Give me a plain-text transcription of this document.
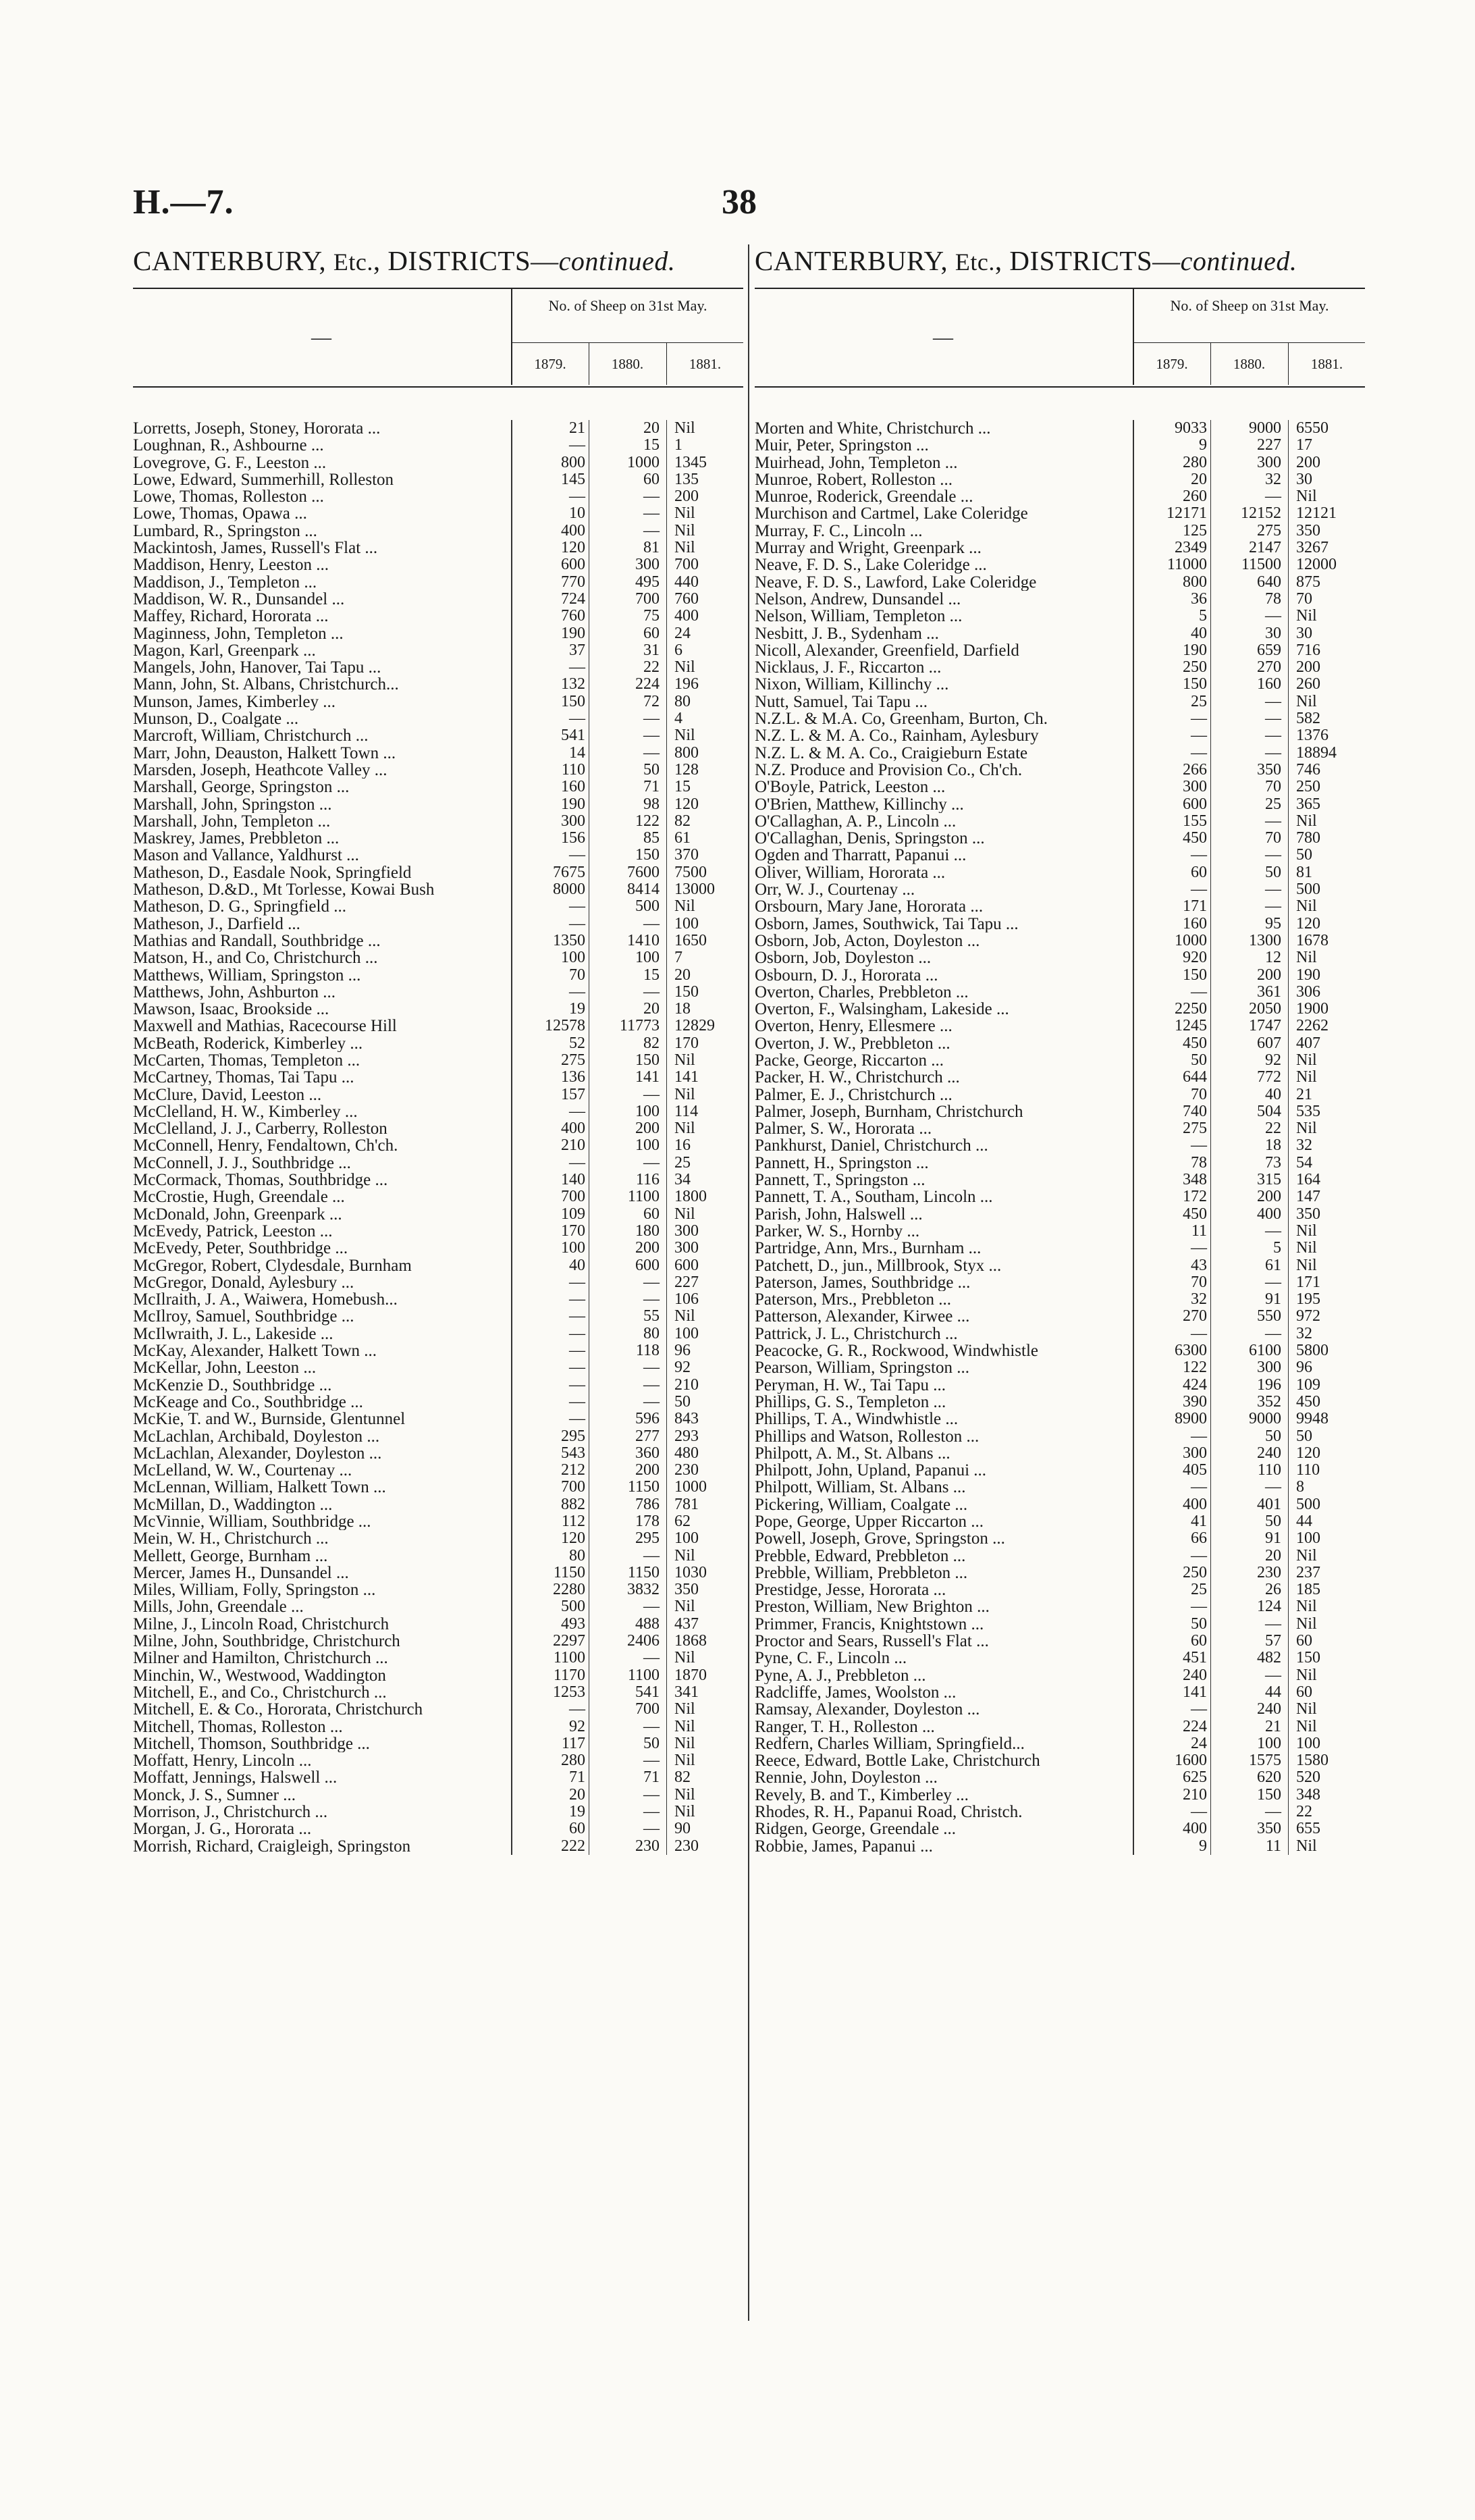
H.—7.	38
CANTERBURY, Etc., DISTRICTS—continued.
—
No. of Sheep on 31st May.
1879.	1880.	1881.
Lorretts, Joseph, Stoney, Hororata ...	21	20 Nil
Loughnan, R., Ashbourne ...	—	15 1
Lovegrove, G. F., Leeston ...	800	1000 1345
Lowe, Edward, Summerhill, Rolleston	145	60 135
Lowe, Thomas, Rolleston ...	—	— 200
Lowe, Thomas, Opawa ...	10	— Nil
Lumbard, R., Springston ...	400	— Nil
Mackintosh, James, Russell's Flat ...	120	81 Nil
Maddison, Henry, Leeston ...	600	300 700
Maddison, J., Templeton ...	770	495 440
Maddison, W. R., Dunsandel ...	724	700 760
Maffey, Richard, Hororata ...	760	75 400
Maginness, John, Templeton ...	190	60 24
Magon, Karl, Greenpark ...	37	31 6
Mangels, John, Hanover, Tai Tapu ...	—	22 Nil
Mann, John, St. Albans, Christchurch...	132	224 196
Munson, James, Kimberley ...	150	72 80
Munson, D., Coalgate ...	—	— 4
Marcroft, William, Christchurch ...	541	— Nil
Marr, John, Deauston, Halkett Town ...	14	— 800
Marsden, Joseph, Heathcote Valley ...	110	50 128
Marshall, George, Springston ...	160	71 15
Marshall, John, Springston ...	190	98 120
Marshall, John, Templeton ...	300	122 82
Maskrey, James, Prebbleton ...	156	85 61
Mason and Vallance, Yaldhurst ...	—	150 370
Matheson, D., Easdale Nook, Springfield	7675	7600 7500
Matheson, D.&D., Mt Torlesse, Kowai Bush	8000	8414 13000
Matheson, D. G., Springfield ...	—	500 Nil
Matheson, J., Darfield ...	—	— 100
Mathias and Randall, Southbridge ...	1350	1410 1650
Matson, H., and Co, Christchurch ...	100	100 7
Matthews, William, Springston ...	70	15 20
Matthews, John, Ashburton ...	—	— 150
Mawson, Isaac, Brookside ...	19	20 18
Maxwell and Mathias, Racecourse Hill	12578	11773 12829
McBeath, Roderick, Kimberley ...	52	82 170
McCarten, Thomas, Templeton ...	275	150 Nil
McCartney, Thomas, Tai Tapu ...	136	141 141
McClure, David, Leeston ...	157	— Nil
McClelland, H. W., Kimberley ...	—	100 114
McClelland, J. J., Carberry, Rolleston	400	200 Nil
McConnell, Henry, Fendaltown, Ch'ch.	210	100 16
McConnell, J. J., Southbridge ...	—	— 25
McCormack, Thomas, Southbridge ...	140	116 34
McCrostie, Hugh, Greendale ...	700	1100 1800
McDonald, John, Greenpark ...	109	60 Nil
McEvedy, Patrick, Leeston ...	170	180 300
McEvedy, Peter, Southbridge ...	100	200 300
McGregor, Robert, Clydesdale, Burnham	40	600 600
McGregor, Donald, Aylesbury ...	—	— 227
McIlraith, J. A., Waiwera, Homebush...	—	— 106
McIlroy, Samuel, Southbridge ...	—	55 Nil
McIlwraith, J. L., Lakeside ...	—	80 100
McKay, Alexander, Halkett Town ...	—	118 96
McKellar, John, Leeston ...	—	— 92
McKenzie D., Southbridge ...	—	— 210
McKeage and Co., Southbridge ...	—	— 50
McKie, T. and W., Burnside, Glentunnel	—	596 843
McLachlan, Archibald, Doyleston ...	295	277 293
McLachlan, Alexander, Doyleston ...	543	360 480
McLelland, W. W., Courtenay ...	212	200 230
McLennan, William, Halkett Town ...	700	1150 1000
McMillan, D., Waddington ...	882	786 781
McVinnie, William, Southbridge ...	112	178 62
Mein, W. H., Christchurch ...	120	295 100
Mellett, George, Burnham ...	80	— Nil
Mercer, James H., Dunsandel ...	1150	1150 1030
Miles, William, Folly, Springston ...	2280	3832 350
Mills, John, Greendale ...	500	— Nil
Milne, J., Lincoln Road, Christchurch	493	488 437
Milne, John, Southbridge, Christchurch	2297	2406 1868
Milner and Hamilton, Christchurch ...	1100	— Nil
Minchin, W., Westwood, Waddington	1170	1100 1870
Mitchell, E., and Co., Christchurch ...	1253	541 341
Mitchell, E. & Co., Hororata, Christchurch	—	700 Nil
Mitchell, Thomas, Rolleston ...	92	— Nil
Mitchell, Thomson, Southbridge ...	117	50 Nil
Moffatt, Henry, Lincoln ...	280	— Nil
Moffatt, Jennings, Halswell ...	71	71 82
Monck, J. S., Sumner ...	20	— Nil
Morrison, J., Christchurch ...	19	— Nil
Morgan, J. G., Hororata ...	60	— 90
Morrish, Richard, Craigleigh, Springston	222	230 230
CANTERBURY, Etc., DISTRICTS—continued.
—
No. of Sheep on 31st May.
1879.	1880.	1881.
Morten and White, Christchurch ...	9033	9000 6550
Muir, Peter, Springston ...	9	227 17
Muirhead, John, Templeton ...	280	300 200
Munroe, Robert, Rolleston ...	20	32 30
Munroe, Roderick, Greendale ...	260	— Nil
Murchison and Cartmel, Lake Coleridge	12171	12152 12121
Murray, F. C., Lincoln ...	125	275 350
Murray and Wright, Greenpark ...	2349	2147 3267
Neave, F. D. S., Lake Coleridge ...	11000	11500 12000
Neave, F. D. S., Lawford, Lake Coleridge	800	640 875
Nelson, Andrew, Dunsandel ...	36	78 70
Nelson, William, Templeton ...	5	— Nil
Nesbitt, J. B., Sydenham ...	40	30 30
Nicoll, Alexander, Greenfield, Darfield	190	659 716
Nicklaus, J. F., Riccarton ...	250	270 200
Nixon, William, Killinchy ...	150	160 260
Nutt, Samuel, Tai Tapu ...	25	— Nil
N.Z.L. & M.A. Co, Greenham, Burton, Ch.	—	— 582
N.Z. L. & M. A. Co., Rainham, Aylesbury	—	— 1376
N.Z. L. & M. A. Co., Craigieburn Estate	—	— 18894
N.Z. Produce and Provision Co., Ch'ch.	266	350 746
O'Boyle, Patrick, Leeston ...	300	70 250
O'Brien, Matthew, Killinchy ...	600	25 365
O'Callaghan, A. P., Lincoln ...	155	— Nil
O'Callaghan, Denis, Springston ...	450	70 780
Ogden and Tharratt, Papanui ...	—	— 50
Oliver, William, Hororata ...	60	50 81
Orr, W. J., Courtenay ...	—	— 500
Orsbourn, Mary Jane, Hororata ...	171	— Nil
Osborn, James, Southwick, Tai Tapu ...	160	95 120
Osborn, Job, Acton, Doyleston ...	1000	1300 1678
Osborn, Job, Doyleston ...	920	12 Nil
Osbourn, D. J., Hororata ...	150	200 190
Overton, Charles, Prebbleton ...	—	361 306
Overton, F., Walsingham, Lakeside ...	2250	2050 1900
Overton, Henry, Ellesmere ...	1245	1747 2262
Overton, J. W., Prebbleton ...	450	607 407
Packe, George, Riccarton ...	50	92 Nil
Packer, H. W., Christchurch ...	644	772 Nil
Palmer, E. J., Christchurch ...	70	40 21
Palmer, Joseph, Burnham, Christchurch	740	504 535
Palmer, S. W., Hororata ...	275	22 Nil
Pankhurst, Daniel, Christchurch ...	—	18 32
Pannett, H., Springston ...	78	73 54
Pannett, T., Springston ...	348	315 164
Pannett, T. A., Southam, Lincoln ...	172	200 147
Parish, John, Halswell ...	450	400 350
Parker, W. S., Hornby ...	11	— Nil
Partridge, Ann, Mrs., Burnham ...	—	5 Nil
Patchett, D., jun., Millbrook, Styx ...	43	61 Nil
Paterson, James, Southbridge ...	70	— 171
Paterson, Mrs., Prebbleton ...	32	91 195
Patterson, Alexander, Kirwee ...	270	550 972
Pattrick, J. L., Christchurch ...	—	— 32
Peacocke, G. R., Rockwood, Windwhistle	6300	6100 5800
Pearson, William, Springston ...	122	300 96
Peryman, H. W., Tai Tapu ...	424	196 109
Phillips, G. S., Templeton ...	390	352 450
Phillips, T. A., Windwhistle ...	8900	9000 9948
Phillips and Watson, Rolleston ...	—	50 50
Philpott, A. M., St. Albans ...	300	240 120
Philpott, John, Upland, Papanui ...	405	110 110
Philpott, William, St. Albans ...	—	— 8
Pickering, William, Coalgate ...	400	401 500
Pope, George, Upper Riccarton ...	41	50 44
Powell, Joseph, Grove, Springston ...	66	91 100
Prebble, Edward, Prebbleton ...	—	20 Nil
Prebble, William, Prebbleton ...	250	230 237
Prestidge, Jesse, Hororata ...	25	26 185
Preston, William, New Brighton ...	—	124 Nil
Primmer, Francis, Knightstown ...	50	— Nil
Proctor and Sears, Russell's Flat ...	60	57 60
Pyne, C. F., Lincoln ...	451	482 150
Pyne, A. J., Prebbleton ...	240	— Nil
Radcliffe, James, Woolston ...	141	44 60
Ramsay, Alexander, Doyleston ...	—	240 Nil
Ranger, T. H., Rolleston ...	224	21 Nil
Redfern, Charles William, Springfield...	24	100 100
Reece, Edward, Bottle Lake, Christchurch	1600	1575 1580
Rennie, John, Doyleston ...	625	620 520
Revely, B. and T., Kimberley ...	210	150 348
Rhodes, R. H., Papanui Road, Christch.	—	— 22
Ridgen, George, Greendale ...	400	350 655
Robbie, James, Papanui ...	9	11 Nil
